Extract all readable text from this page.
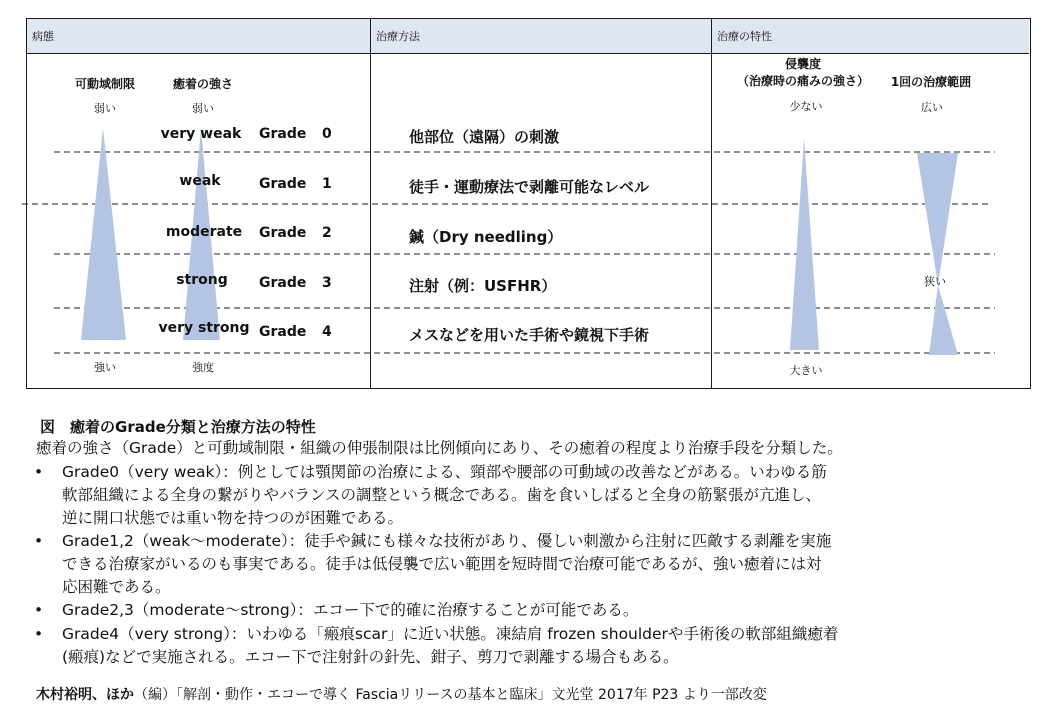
病態	治療方法	治療の特性
可動域制限	癒着の強さ
弱い	弱い
強い	強度
very weak Grade 0	他部位（遠隔）の刺激
weak	Grade 1	徒手・運動療法で剥離可能なレベル
moderate Grade 2	鍼（Dry needling）
strong Grade 3	注射（例：USFHR）
very strong Grade 4	メスなどを用いた手術や鏡視下手術
侵襲度
（治療時の痛みの強さ） 1回の治療範囲
少ない	広い
狭い
大きい
図　癒着のGrade分類と治療方法の特性
癒着の強さ（Grade）と可動域制限・組織の伸張制限は比例傾向にあり、その癒着の程度より治療手段を分類した。
• Grade0（very weak）：例としては顎関節の治療による、頸部や腰部の可動域の改善などがある。いわゆる筋
軟部組織による全身の繋がりやバランスの調整という概念である。歯を食いしばると全身の筋緊張が亢進し、
逆に開口状態では重い物を持つのが困難である。
• Grade1,2（weak〜moderate）：徒手や鍼にも様々な技術があり、優しい刺激から注射に匹敵する剥離を実施
できる治療家がいるのも事実である。徒手は低侵襲で広い範囲を短時間で治療可能であるが、強い癒着には対
応困難である。
• Grade2,3（moderate〜strong）：エコー下で的確に治療することが可能である。
• Grade4（very strong）：いわゆる「瘢痕scar」に近い状態。凍結肩 frozen shoulderや手術後の軟部組織癒着
(瘢痕)などで実施される。エコー下で注射針の針先、鉗子、剪刀で剥離する場合もある。
木村裕明、ほか（編）「解剖・動作・エコーで導く Fasciaリリースの基本と臨床」文光堂 2017年 P23 より一部改変
